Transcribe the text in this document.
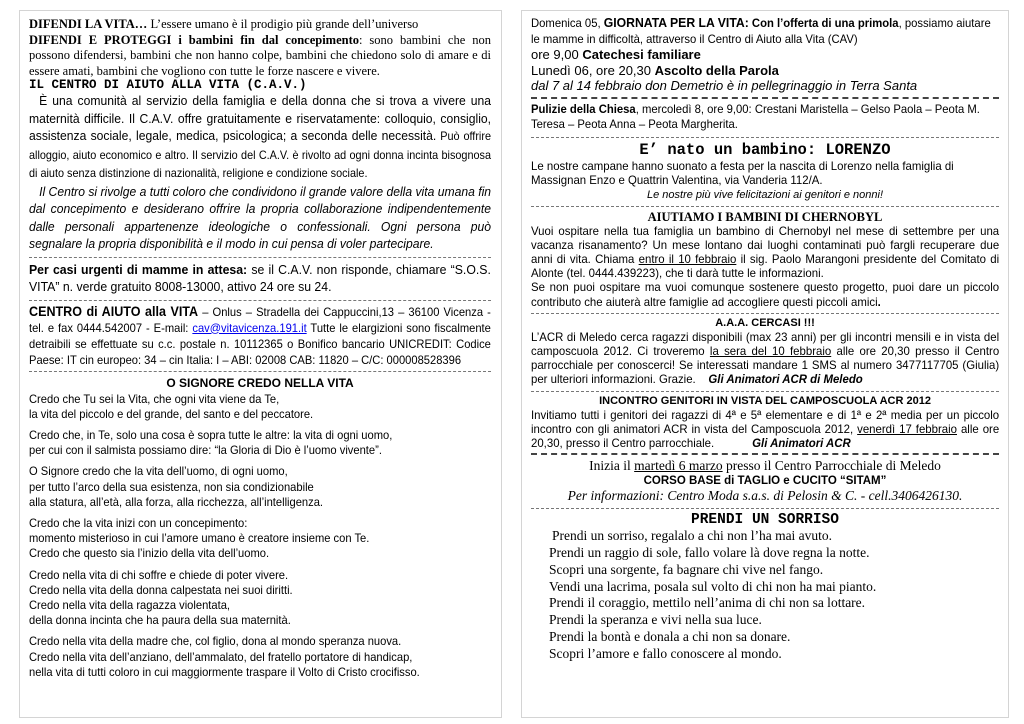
DIFENDI LA VITA… L’essere umano è il prodigio più grande dell’universo
DIFENDI E PROTEGGI i bambini fin dal concepimento: sono bambini che non possono difendersi, bambini che non hanno colpe, bambini che chiedono solo di amare e di essere amati, bambini che vogliono con tutte le forze nascere e vivere.

IL CENTRO DI AIUTO ALLA VITA (C.A.V.)

È una comunità al servizio della famiglia e della donna che si trova a vivere una maternità difficile. Il C.A.V. offre gratuitamente e riservatamente: colloquio, consiglio, assistenza sociale, legale, medica, psicologica; a seconda delle necessità. Può offrire alloggio, aiuto economico e altro. Il servizio del C.A.V. è rivolto ad ogni donna incinta bisognosa di aiuto senza distinzione di nazionalità, religione e condizione sociale.

Il Centro si rivolge a tutti coloro che condividono il grande valore della vita umana fin dal concepimento e desiderano offrire la propria collaborazione indipendentemente dalle personali appartenenze ideologiche o confessionali. Ogni persona può segnalare la propria disponibilità e il modo in cui pensa di voler partecipare.

Per casi urgenti di mamme in attesa: se il C.A.V. non risponde, chiamare “S.O.S. VITA” n. verde gratuito 8008-13000, attivo 24 ore su 24.

CENTRO di AIUTO alla VITA – Onlus – Stradella dei Cappuccini,13 – 36100 Vicenza - tel. e fax 0444.542007 - E-mail: cav@vitavicenza.191.it Tutte le elargizioni sono fiscalmente detraibili se effettuate su c.c. postale n. 10112365 o Bonifico bancario UNICREDIT: Codice Paese: IT cin europeo: 34 – cin Italia: I – ABI: 02008 CAB: 11820 – C/C: 000008528396

O SIGNORE CREDO NELLA VITA

Credo che Tu sei la Vita, che ogni vita viene da Te,
la vita del piccolo e del grande, del santo e del peccatore.

Credo che, in Te, solo una cosa è sopra tutte le altre: la vita di ogni uomo,
per cui con il salmista possiamo dire: “la Gloria di Dio è l’uomo vivente”.

O Signore credo che la vita dell’uomo, di ogni uomo,
per tutto l’arco della sua esistenza, non sia condizionabile
alla statura, all’età, alla forza, alla ricchezza, all’intelligenza.

Credo che la vita inizi con un concepimento:
momento misterioso in cui l’amore umano è creatore insieme con Te.
Credo che questo sia l’inizio della vita dell’uomo.

Credo nella vita di chi soffre e chiede di poter vivere.
Credo nella vita della donna calpestata nei suoi diritti.
Credo nella vita della ragazza violentata,
della donna incinta che ha paura della sua maternità.

Credo nella vita della madre che, col figlio, dona al mondo speranza nuova.
Credo nella vita dell’anziano, dell’ammalato, del fratello portatore di handicap,
nella vita di tutti coloro in cui maggiormente traspare il Volto di Cristo crocifisso.

Domenica 05, GIORNATA PER LA VITA: Con l’offerta di una primola, possiamo aiutare le mamme in difficoltà, attraverso il Centro di Aiuto alla Vita (CAV)

ore 9,00 Catechesi familiare

Lunedì 06, ore 20,30 Ascolto della Parola

dal 7 al 14 febbraio don Demetrio è in pellegrinaggio in Terra Santa

Pulizie della Chiesa, mercoledì 8, ore 9,00: Crestani Maristella – Gelso Paola – Peota M. Teresa – Peota Anna – Peota Margherita.

E’ nato un bambino: LORENZO

Le nostre campane hanno suonato a festa per la nascita di Lorenzo nella famiglia di Massignan Enzo e Quattrin Valentina, via Vanderia 112/A.

Le nostre più vive felicitazioni ai genitori e nonni!

AIUTIAMO I BAMBINI DI CHERNOBYL

Vuoi ospitare nella tua famiglia un bambino di Chernobyl nel mese di settembre per una vacanza risanamento? Un mese lontano dai luoghi contaminati può fargli recuperare due anni di vita. Chiama entro il 10 febbraio il sig. Paolo Marangoni presidente del Comitato di Alonte (tel. 0444.439223), che ti darà tutte le informazioni.
Se non puoi ospitare ma vuoi comunque sostenere questo progetto, puoi dare un piccolo contributo che aiuterà altre famiglie ad accogliere questi piccoli amici.

A.A.A. CERCASI !!!

L’ACR di Meledo cerca ragazzi disponibili (max 23 anni) per gli incontri mensili e in vista del camposcuola 2012. Ci troveremo la sera del 10 febbraio alle ore 20,30 presso il Centro parrocchiale per conoscerci! Se interessati mandare 1 SMS al numero 3477117705 (Giulia) per ulteriori informazioni. Grazie. Gli Animatori ACR di Meledo

INCONTRO GENITORI IN VISTA DEL CAMPOSCUOLA ACR 2012

Invitiamo tutti i genitori dei ragazzi di 4ª e 5ª elementare e di 1ª e 2ª media per un piccolo incontro con gli animatori ACR in vista del Camposcuola 2012, venerdì 17 febbraio alle ore 20,30, presso il Centro parrocchiale.	Gli Animatori ACR

Inizia il martedì 6 marzo presso il Centro Parrocchiale di Meledo

CORSO BASE di TAGLIO e CUCITO “SITAM”

Per informazioni: Centro Moda s.a.s. di Pelosin & C. - cell.3406426130.

PRENDI UN SORRISO

Prendi un sorriso, regalalo a chi non l’ha mai avuto.

Prendi un raggio di sole, fallo volare là dove regna la notte.

Scopri una sorgente, fa bagnare chi vive nel fango.

Vendi una lacrima, posala sul volto di chi non ha mai pianto.

Prendi il coraggio, mettilo nell’anima di chi non sa lottare.

Prendi la speranza e vivi nella sua luce.

Prendi la bontà e donala a chi non sa donare.

Scopri l’amore e fallo conoscere al mondo.
